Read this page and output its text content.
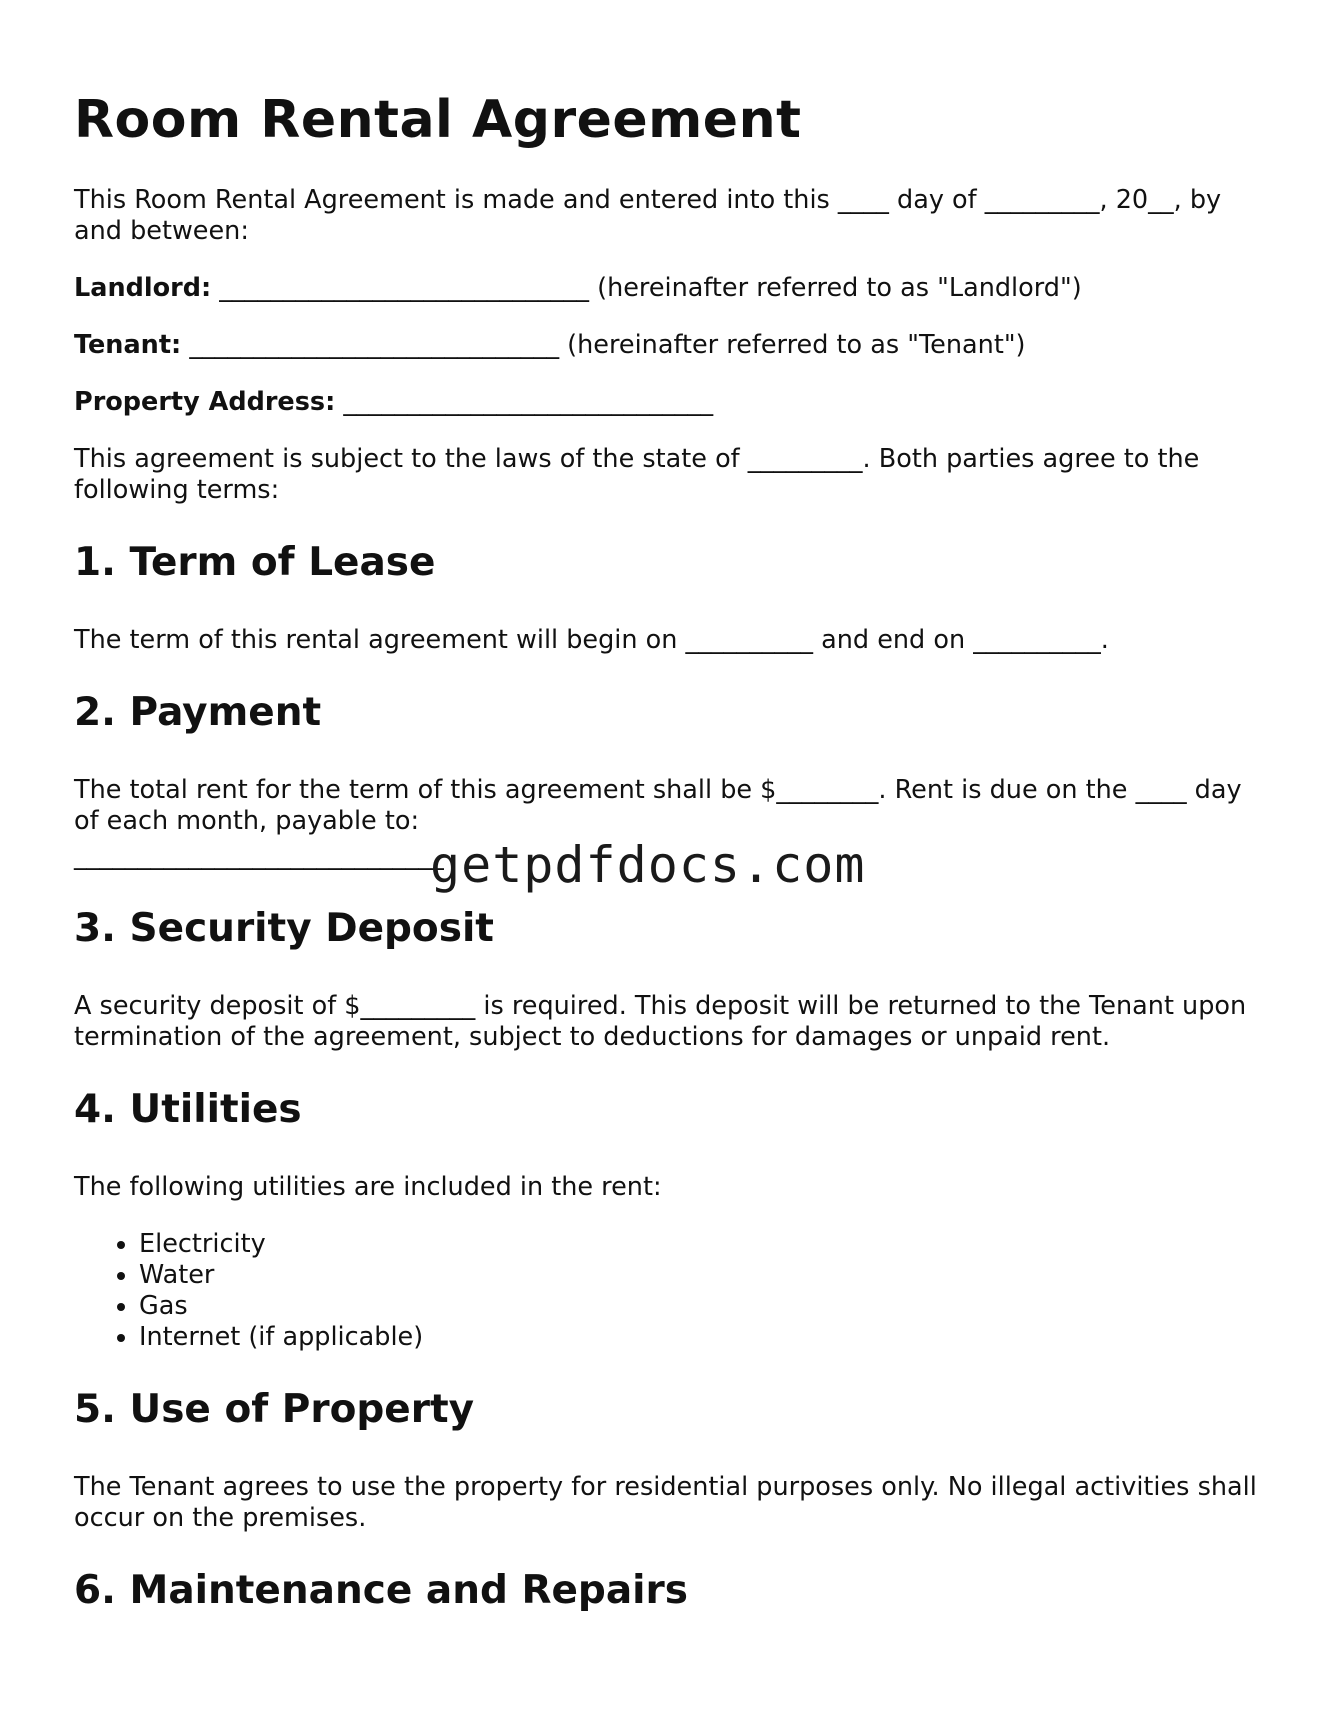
Room Rental Agreement

This Room Rental Agreement is made and entered into this ____ day of _________, 20__, by and between:

Landlord: _____________________________ (hereinafter referred to as "Landlord")

Tenant: _____________________________ (hereinafter referred to as "Tenant")

Property Address: _____________________________

This agreement is subject to the laws of the state of _________. Both parties agree to the following terms:

1. Term of Lease

The term of this rental agreement will begin on __________ and end on __________.

2. Payment

The total rent for the term of this agreement shall be $________. Rent is due on the ____ day of each month, payable to:

_____________________________

3. Security Deposit

A security deposit of $_________ is required. This deposit will be returned to the Tenant upon termination of the agreement, subject to deductions for damages or unpaid rent.

4. Utilities

The following utilities are included in the rent:

• Electricity
• Water
• Gas
• Internet (if applicable)
5. Use of Property

The Tenant agrees to use the property for residential purposes only. No illegal activities shall occur on the premises.

6. Maintenance and Repairs
getpdfdocs.com
